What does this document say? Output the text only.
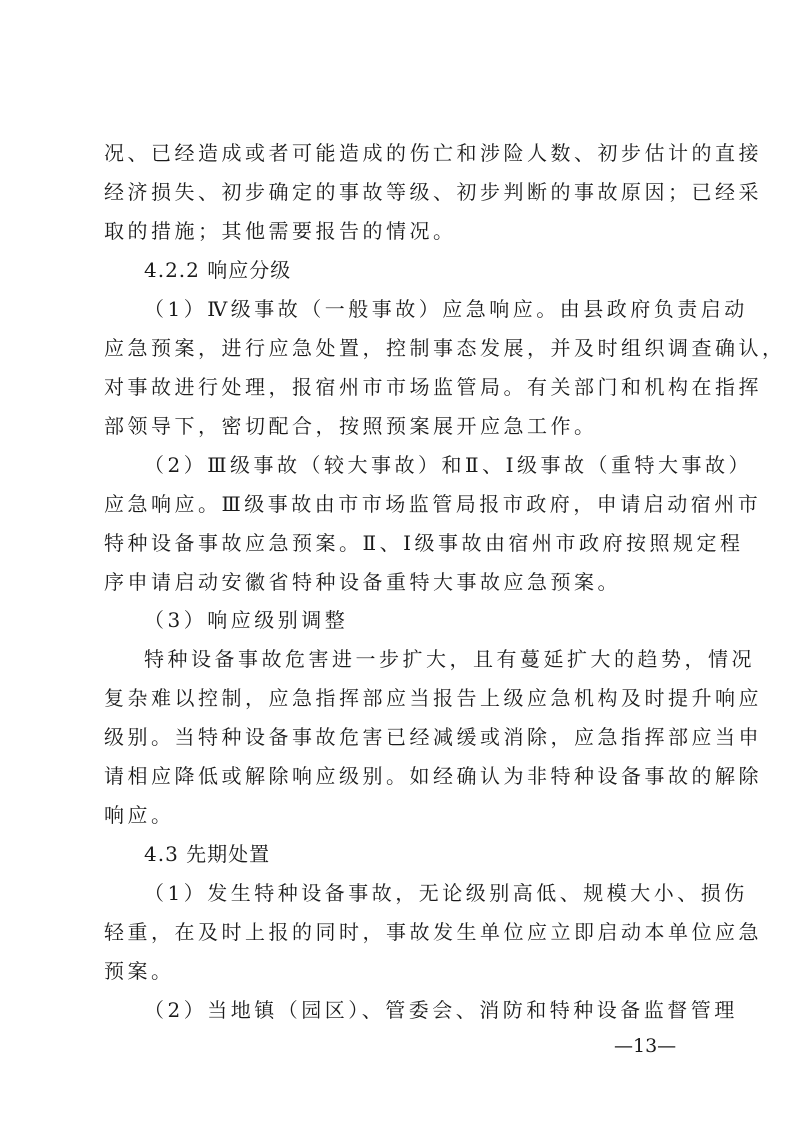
况、已经造成或者可能造成的伤亡和涉险人数、初步估计的直接
经济损失、初步确定的事故等级、初步判断的事故原因；已经采
取的措施；其他需要报告的情况。
4.2.2 响应分级
（1）Ⅳ级事故（一般事故）应急响应。由县政府负责启动
应急预案，进行应急处置，控制事态发展，并及时组织调查确认，
对事故进行处理，报宿州市市场监管局。有关部门和机构在指挥
部领导下，密切配合，按照预案展开应急工作。
（2）Ⅲ级事故（较大事故）和Ⅱ、Ⅰ级事故（重特大事故）
应急响应。Ⅲ级事故由市市场监管局报市政府，申请启动宿州市
特种设备事故应急预案。Ⅱ、Ⅰ级事故由宿州市政府按照规定程
序申请启动安徽省特种设备重特大事故应急预案。
（3）响应级别调整
特种设备事故危害进一步扩大，且有蔓延扩大的趋势，情况
复杂难以控制，应急指挥部应当报告上级应急机构及时提升响应
级别。当特种设备事故危害已经减缓或消除，应急指挥部应当申
请相应降低或解除响应级别。如经确认为非特种设备事故的解除
响应。
4.3 先期处置
（1）发生特种设备事故，无论级别高低、规模大小、损伤
轻重，在及时上报的同时，事故发生单位应立即启动本单位应急
预案。
（2）当地镇（园区）、管委会、消防和特种设备监督管理
—13—
